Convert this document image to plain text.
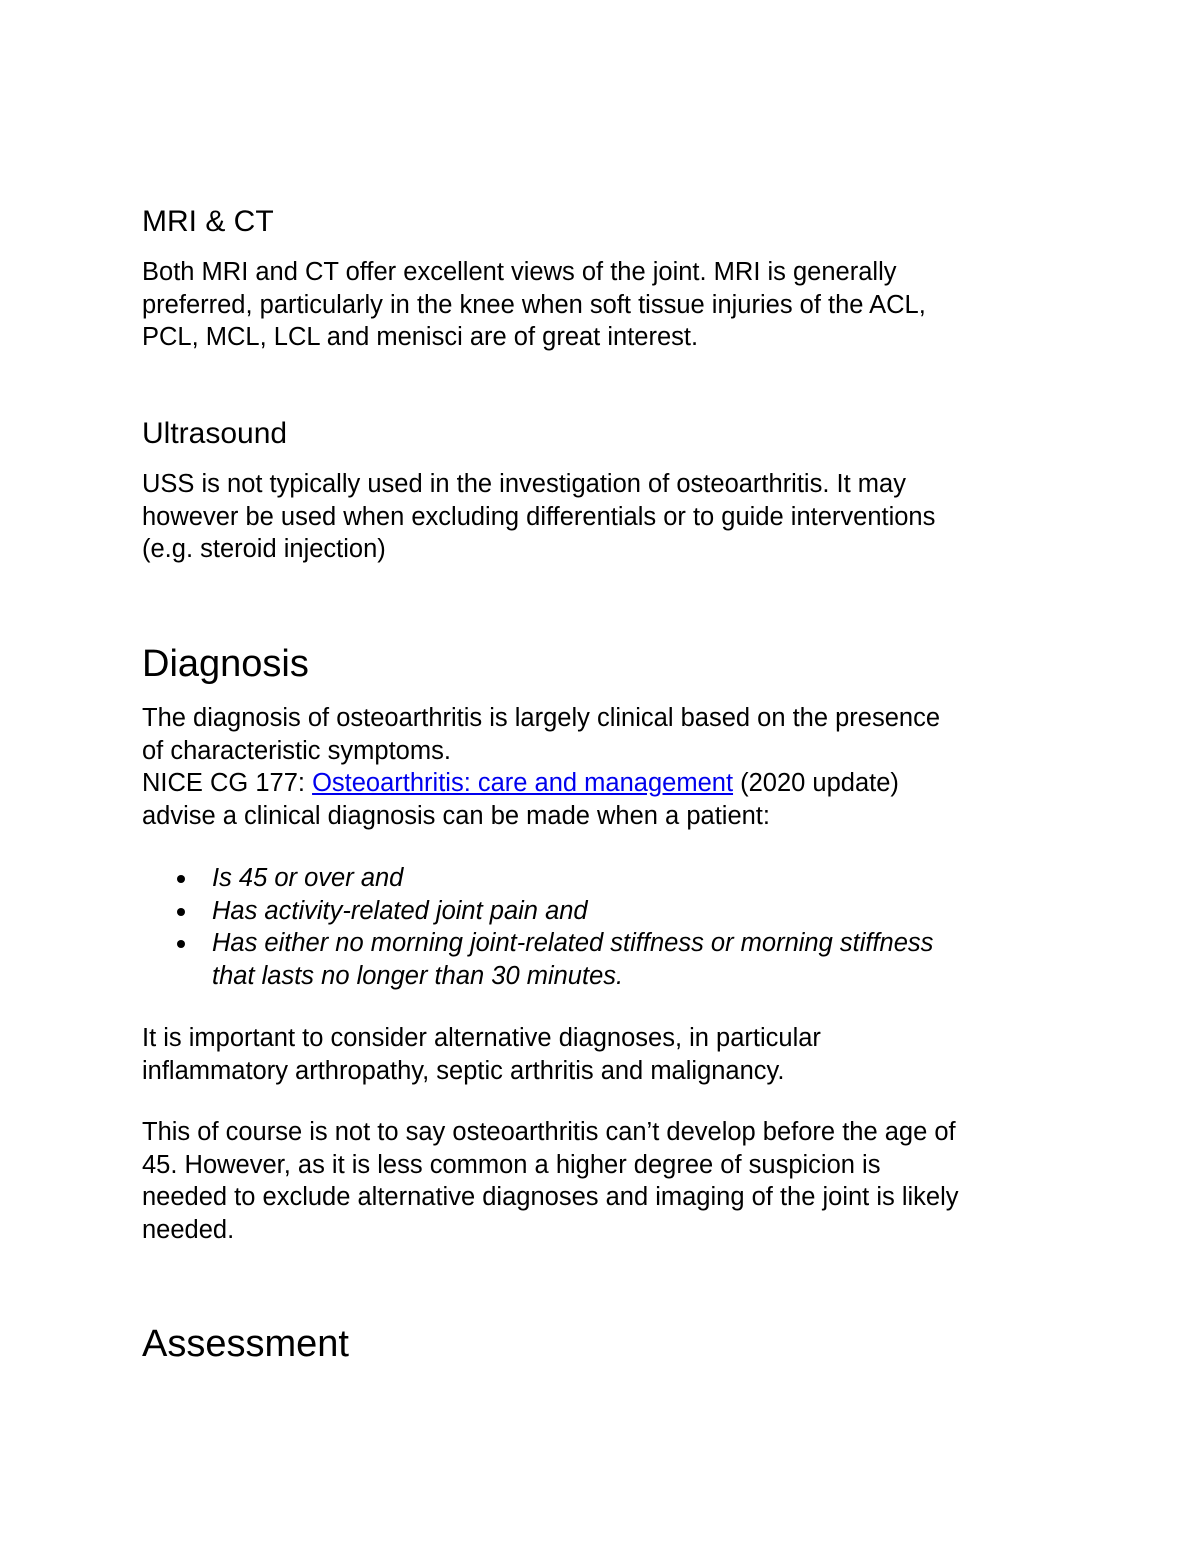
MRI & CT

Both MRI and CT offer excellent views of the joint. MRI is generally
preferred, particularly in the knee when soft tissue injuries of the ACL,
PCL, MCL, LCL and menisci are of great interest.

Ultrasound

USS is not typically used in the investigation of osteoarthritis. It may
however be used when excluding differentials or to guide interventions
(e.g. steroid injection)

Diagnosis

The diagnosis of osteoarthritis is largely clinical based on the presence
of characteristic symptoms.
NICE CG 177: Osteoarthritis: care and management (2020 update)
advise a clinical diagnosis can be made when a patient:

Is 45 or over and
Has activity-related joint pain and
Has either no morning joint-related stiffness or morning stiffness
that lasts no longer than 30 minutes.

It is important to consider alternative diagnoses, in particular
inflammatory arthropathy, septic arthritis and malignancy.

This of course is not to say osteoarthritis can’t develop before the age of
45. However, as it is less common a higher degree of suspicion is
needed to exclude alternative diagnoses and imaging of the joint is likely
needed.

Assessment
